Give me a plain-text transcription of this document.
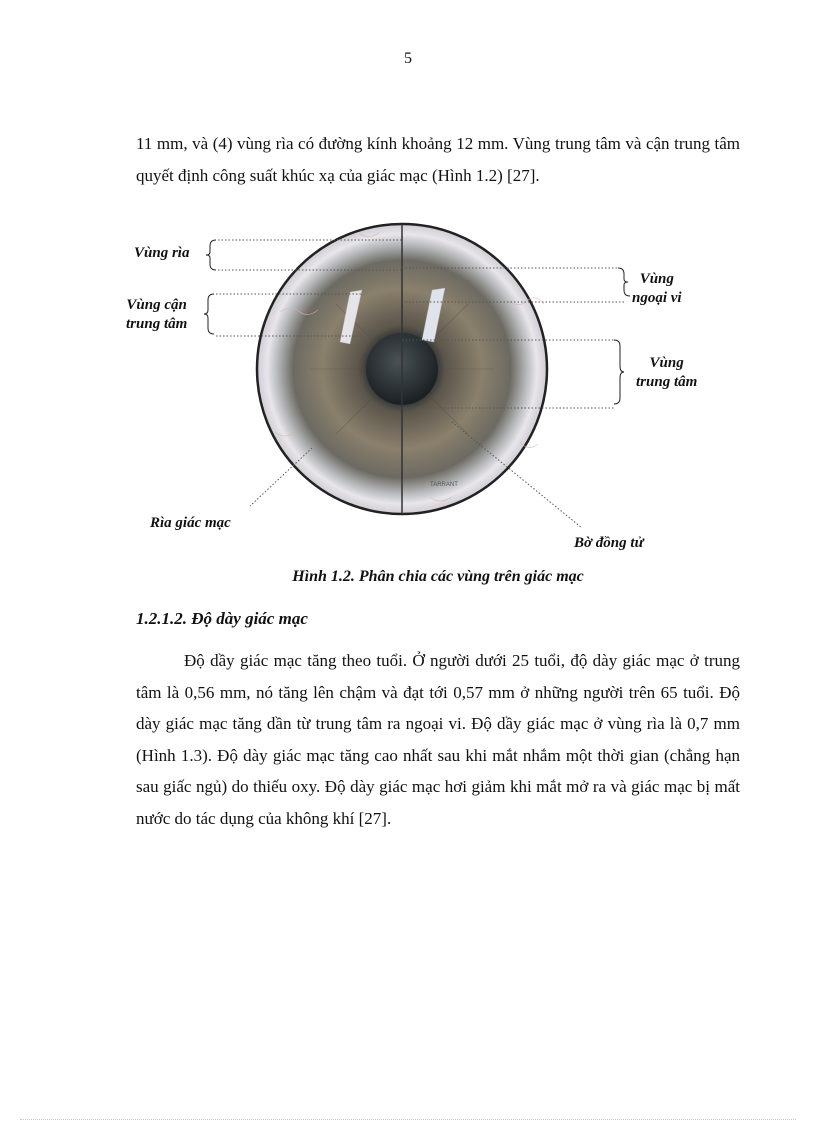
5

11 mm, và (4) vùng rìa có đường kính khoảng 12 mm. Vùng trung tâm và cận trung tâm quyết định công suất khúc xạ của giác mạc (Hình 1.2) [27].

TARRANT
Vùng rìa
Vùng cận
trung tâm
Vùng
ngoại vi
Vùng
trung tâm
Rìa giác mạc
Bờ đồng tử
Hình 1.2. Phân chia các vùng trên giác mạc
1.2.1.2. Độ dày giác mạc

Độ dầy giác mạc tăng theo tuổi. Ở người dưới 25 tuổi, độ dày giác mạc ở trung tâm là 0,56 mm, nó tăng lên chậm và đạt tới 0,57 mm ở những người trên 65 tuổi. Độ dày giác mạc tăng dần từ trung tâm ra ngoại vi. Độ dầy giác mạc ở vùng rìa là 0,7 mm (Hình 1.3). Độ dày giác mạc tăng cao nhất sau khi mắt nhắm một thời gian (chẳng hạn sau giấc ngủ) do thiếu oxy. Độ dày giác mạc hơi giảm khi mắt mở ra và giác mạc bị mất nước do tác dụng của không khí [27].
